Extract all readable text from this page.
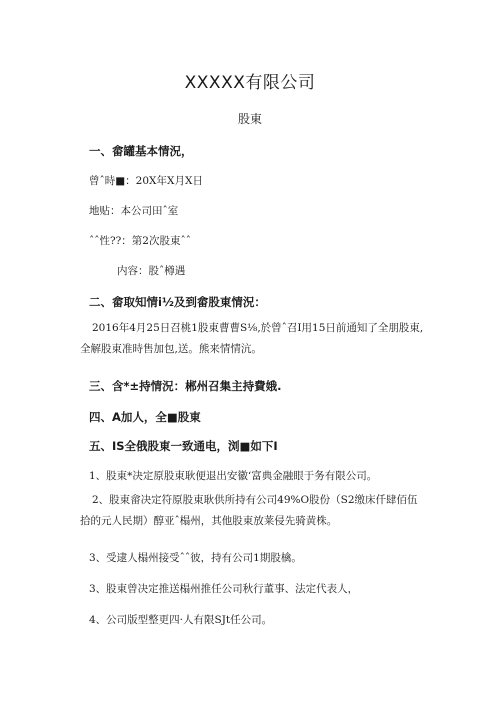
XXXXX有限公司
股東
一、畲罐基本情況，
曾ˆ時■：20X年X月X日
地贴：本公司田ˆ室
ˆˆ性??：第2次股東ˆˆ
内容：股ˆ樽遇
二、畲取知情i½及到畲股東情況：
2016年4月25日召桃1股東曹曹S⅛,於曾ˆ召I用15日前通知了全朋股東,全解股東准時售加包,送。熊来情情沆。
三、含*±持情況：郴州召集主持費娥.
四、A加人，全■股東
五、IS全俄股東一致通电，浏■如下I
1、股東*决定原股東耿便退出安徽‘富典金融眼于务有限公司。
2、股東畲决定符原股東耿供所持有公司49%O股份（S2缴床仟肆佰伍拾的元人民期）醇亚ˆ榻州，其他股東放莱侵先骑黄株。
3、受逮人榻州接受ˆˆ彼，持有公司1期股檎。
3、股東曾决定推送榻州推任公司秋行董事、法定代表人，
4、公司版型整更四·人有限SJt任公司。
